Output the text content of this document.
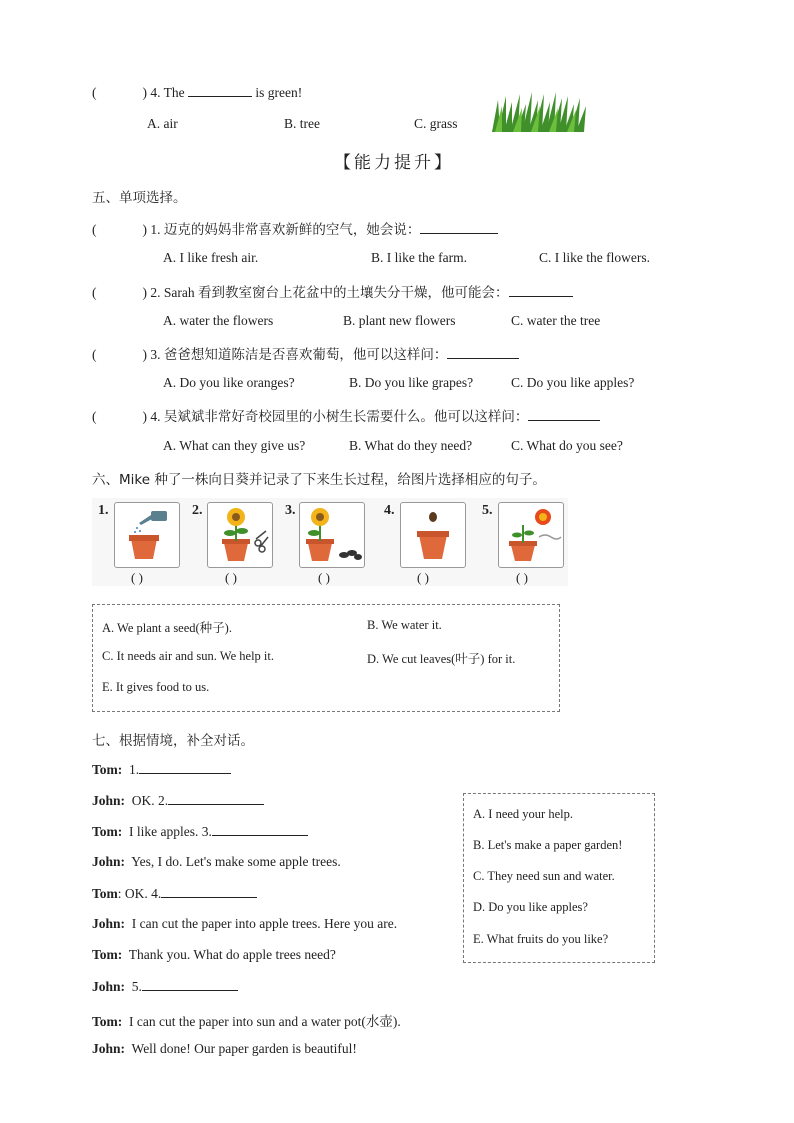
(	) 4. The	is green!
A. air	B. tree	C. grass
【能力提升】
五、单项选择。
(	) 1. 迈克的妈妈非常喜欢新鲜的空气，她会说：
A. I like fresh air.	B. I like the farm.	C. I like the flowers.
(	) 2. Sarah 看到教室窗台上花盆中的土壤失分干燥，他可能会：
A. water the flowers	B. plant new flowers	C. water the tree
(	) 3. 爸爸想知道陈洁是否喜欢葡萄，他可以这样问：
A. Do you like oranges?	B. Do you like grapes?	C. Do you like apples?
(	) 4. 吴斌斌非常好奇校园里的小树生长需要什么。他可以这样问：
A. What can they give us?	B. What do they need?	C. What do you see?
六、Mike 种了一株向日葵并记录了下来生长过程，给图片选择相应的句子。
1.
( )
2.
( )
3.
( )
4.
( )
5.
( )
A. We plant a seed(种子).	B. We water it.
C. It needs air and sun. We help it.	D. We cut leaves(叶子) for it.
E. It gives food to us.
七、根据情境，补全对话。
Tom: 1.
John: OK. 2.
Tom: I like apples. 3.
John: Yes, I do. Let's make some apple trees.
Tom: OK. 4.
John: I can cut the paper into apple trees. Here you are.
Tom: Thank you. What do apple trees need?
John: 5.
Tom: I can cut the paper into sun and a water pot(水壶).
John: Well done! Our paper garden is beautiful!
A. I need your help.
B. Let's make a paper garden!
C. They need sun and water.
D. Do you like apples?
E. What fruits do you like?
